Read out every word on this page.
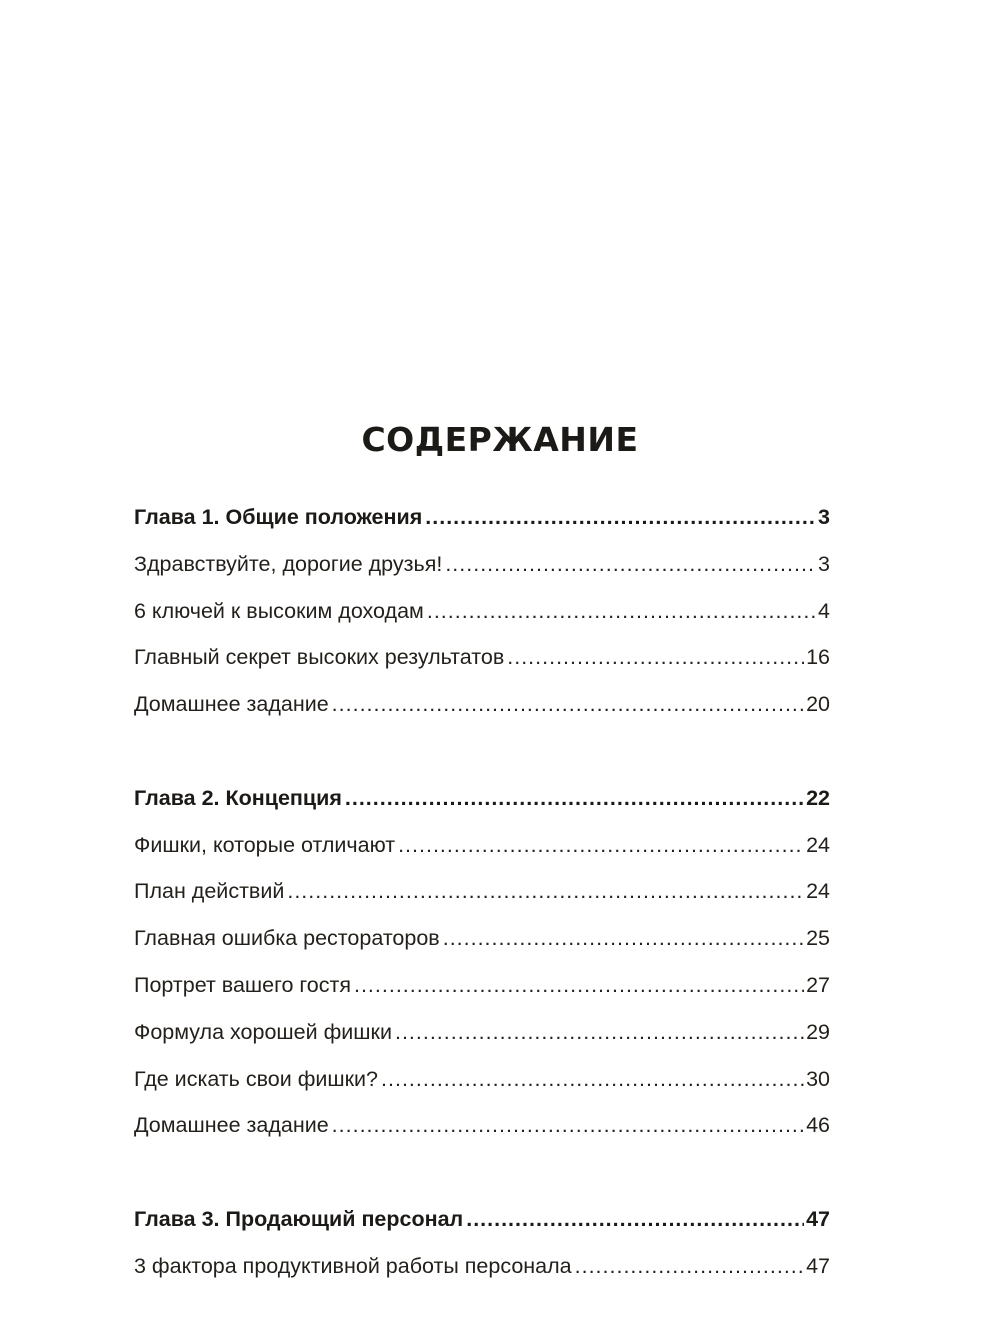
СОДЕРЖАНИЕ
Глава 1. Общие положения .....	3
Здравствуйте, дорогие друзья! .....	3
6 ключей к высоким доходам .....	4
Главный секрет высоких результатов .....	16
Домашнее задание .....	20
Глава 2. Концепция .....	22
Фишки, которые отличают .....	24
План действий .....	24
Главная ошибка рестораторов .....	25
Портрет вашего гостя .....	27
Формула хорошей фишки .....	29
Где искать свои фишки? .....	30
Домашнее задание .....	46
Глава 3. Продающий персонал .....	47
3 фактора продуктивной работы персонала .....	47
